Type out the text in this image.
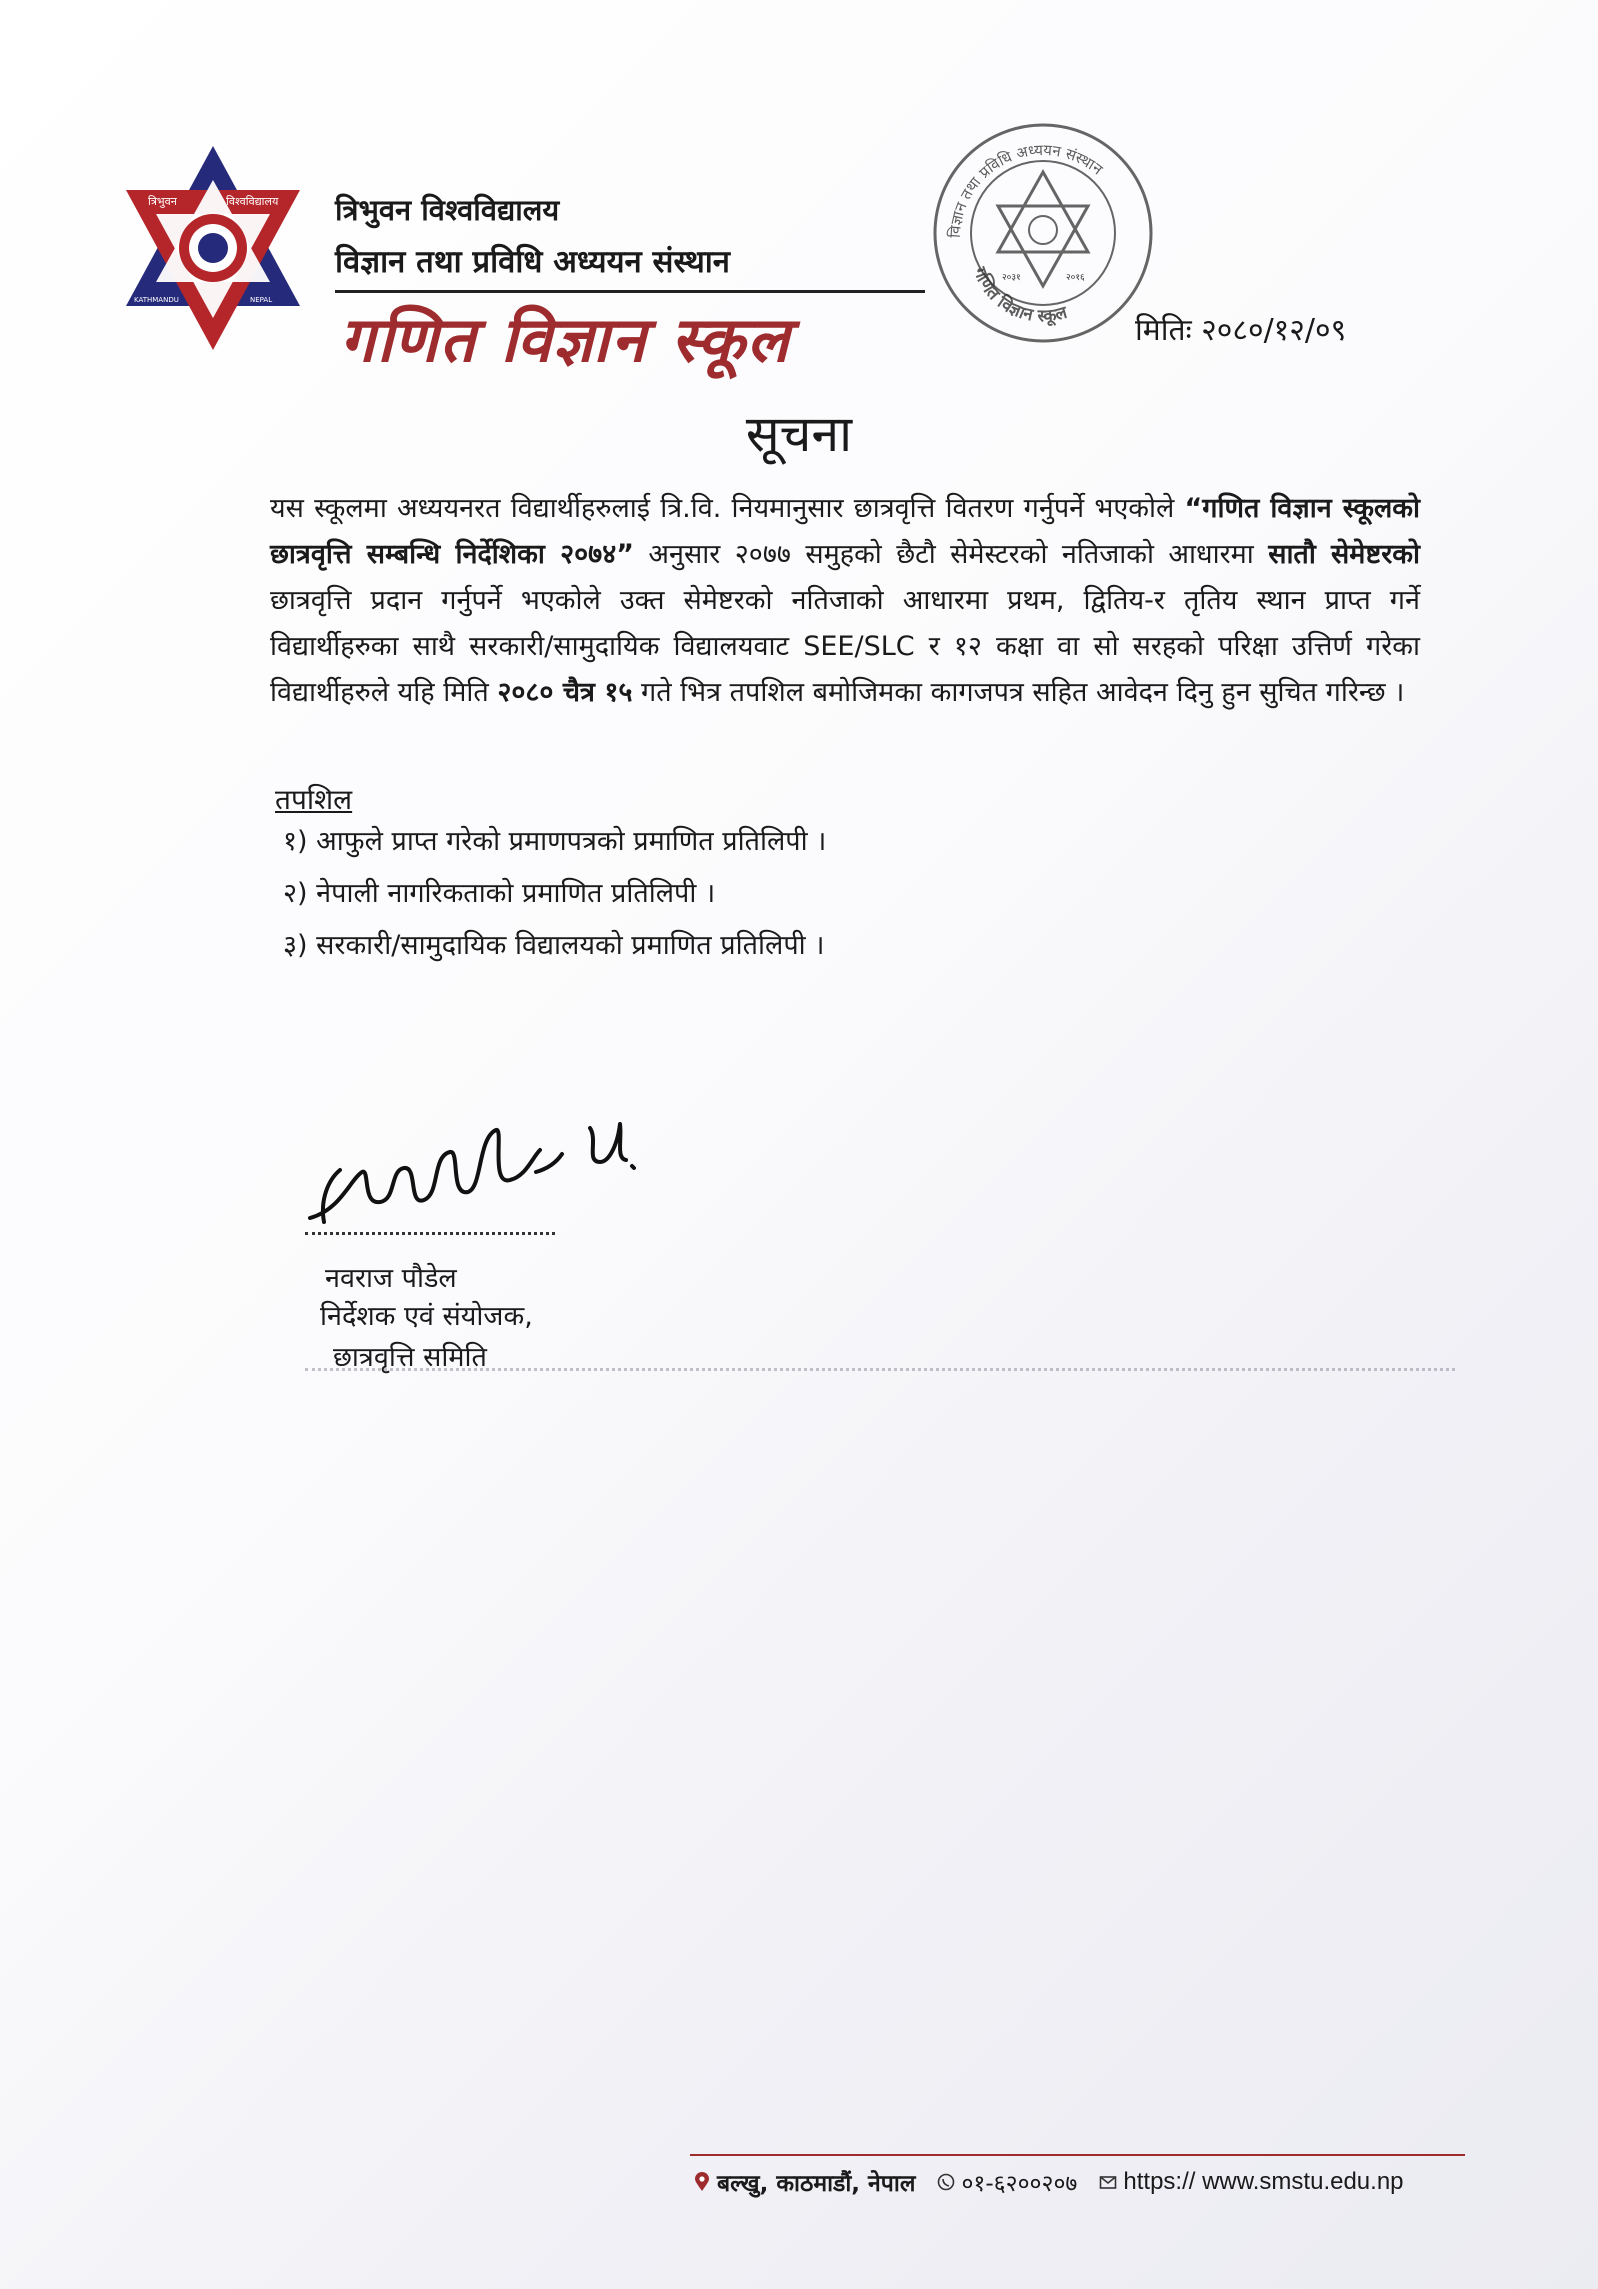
त्रिभुवन	विश्वविद्यालय
KATHMANDU	NEPAL
त्रिभुवन विश्वविद्यालय
विज्ञान तथा प्रविधि अध्ययन संस्थान
गणित विज्ञान स्कूल
विज्ञान तथा प्रविधि अध्ययन संस्थान
गणित विज्ञान स्कूल
२०३१	२०१६
मितिः २०८०/१२/०९
सूचना
यस स्कूलमा अध्ययनरत विद्यार्थीहरुलाई त्रि.वि. नियमानुसार छात्रवृत्ति वितरण गर्नुपर्ने भएकोले “गणित विज्ञान स्कूलको छात्रवृत्ति सम्बन्धि निर्देशिका २०७४” अनुसार २०७७ समुहको छैटौ सेमेस्टरको नतिजाको आधारमा सातौ सेमेष्टरको छात्रवृत्ति प्रदान गर्नुपर्ने भएकोले उक्त सेमेष्टरको नतिजाको आधारमा प्रथम, द्वितिय-र तृतिय स्थान प्राप्त गर्ने विद्यार्थीहरुका साथै सरकारी/सामुदायिक विद्यालयवाट SEE/SLC र १२ कक्षा वा सो सरहको परिक्षा उत्तिर्ण गरेका विद्यार्थीहरुले यहि मिति २०८० चैत्र १५ गते भित्र तपशिल बमोजिमका कागजपत्र सहित आवेदन दिनु हुन सुचित गरिन्छ ।
तपशिल
१) आफुले प्राप्त गरेको प्रमाणपत्रको प्रमाणित प्रतिलिपी ।
२) नेपाली नागरिकताको प्रमाणित प्रतिलिपी ।
३) सरकारी/सामुदायिक विद्यालयको प्रमाणित प्रतिलिपी ।
नवराज पौडेल
निर्देशक एवं संयोजक,
छात्रवृत्ति समिति
बल्खु, काठमाडौं, नेपाल ०१-६२००२०७ https:// www.smstu.edu.np
